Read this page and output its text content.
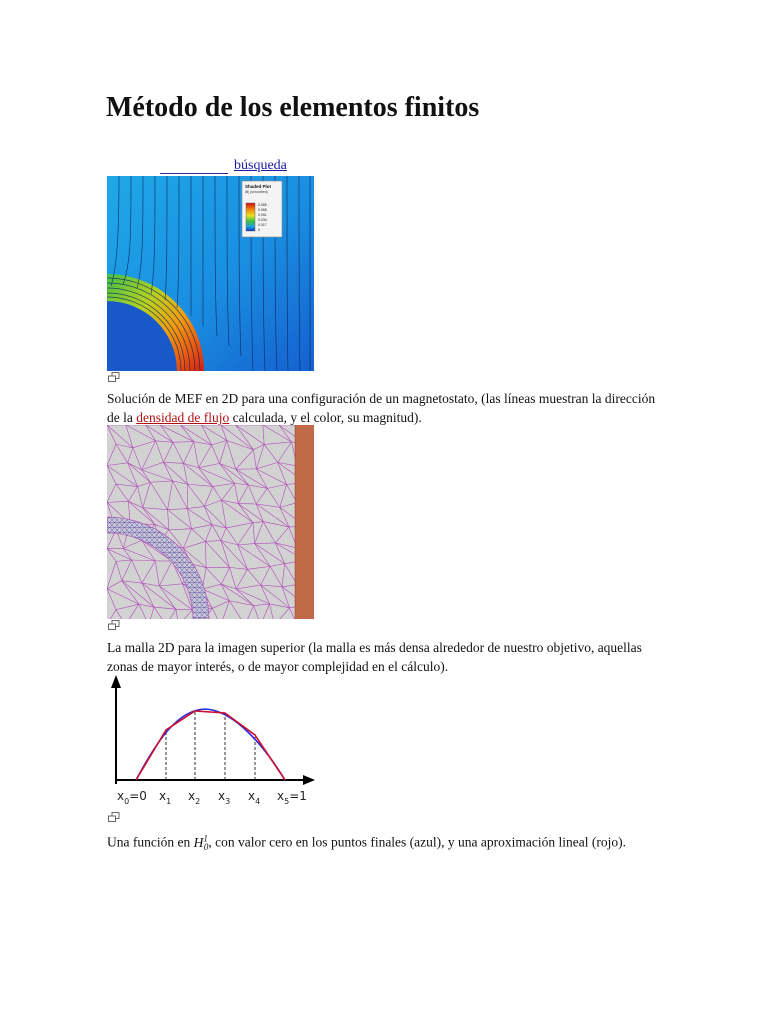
Método de los elementos finitos
búsqueda
Shaded Plot
|B| (smoothed)
0.085
0.068
0.051
0.034
0.017
0
Solución de MEF en 2D para una configuración de un magnetostato, (las líneas muestran la dirección de la densidad de flujo calculada, y el color, su magnitud).
La malla 2D para la imagen superior (la malla es más densa alrededor de nuestro objetivo, aquellas zonas de mayor interés, o de mayor complejidad en el cálculo).
$x_0=0$ $x_1$ $x_2$ $x_3$ $x_4$ $x_5=1$
Una función en $H^1_0$, con valor cero en los puntos finales (azul), y una aproximación lineal (rojo).
